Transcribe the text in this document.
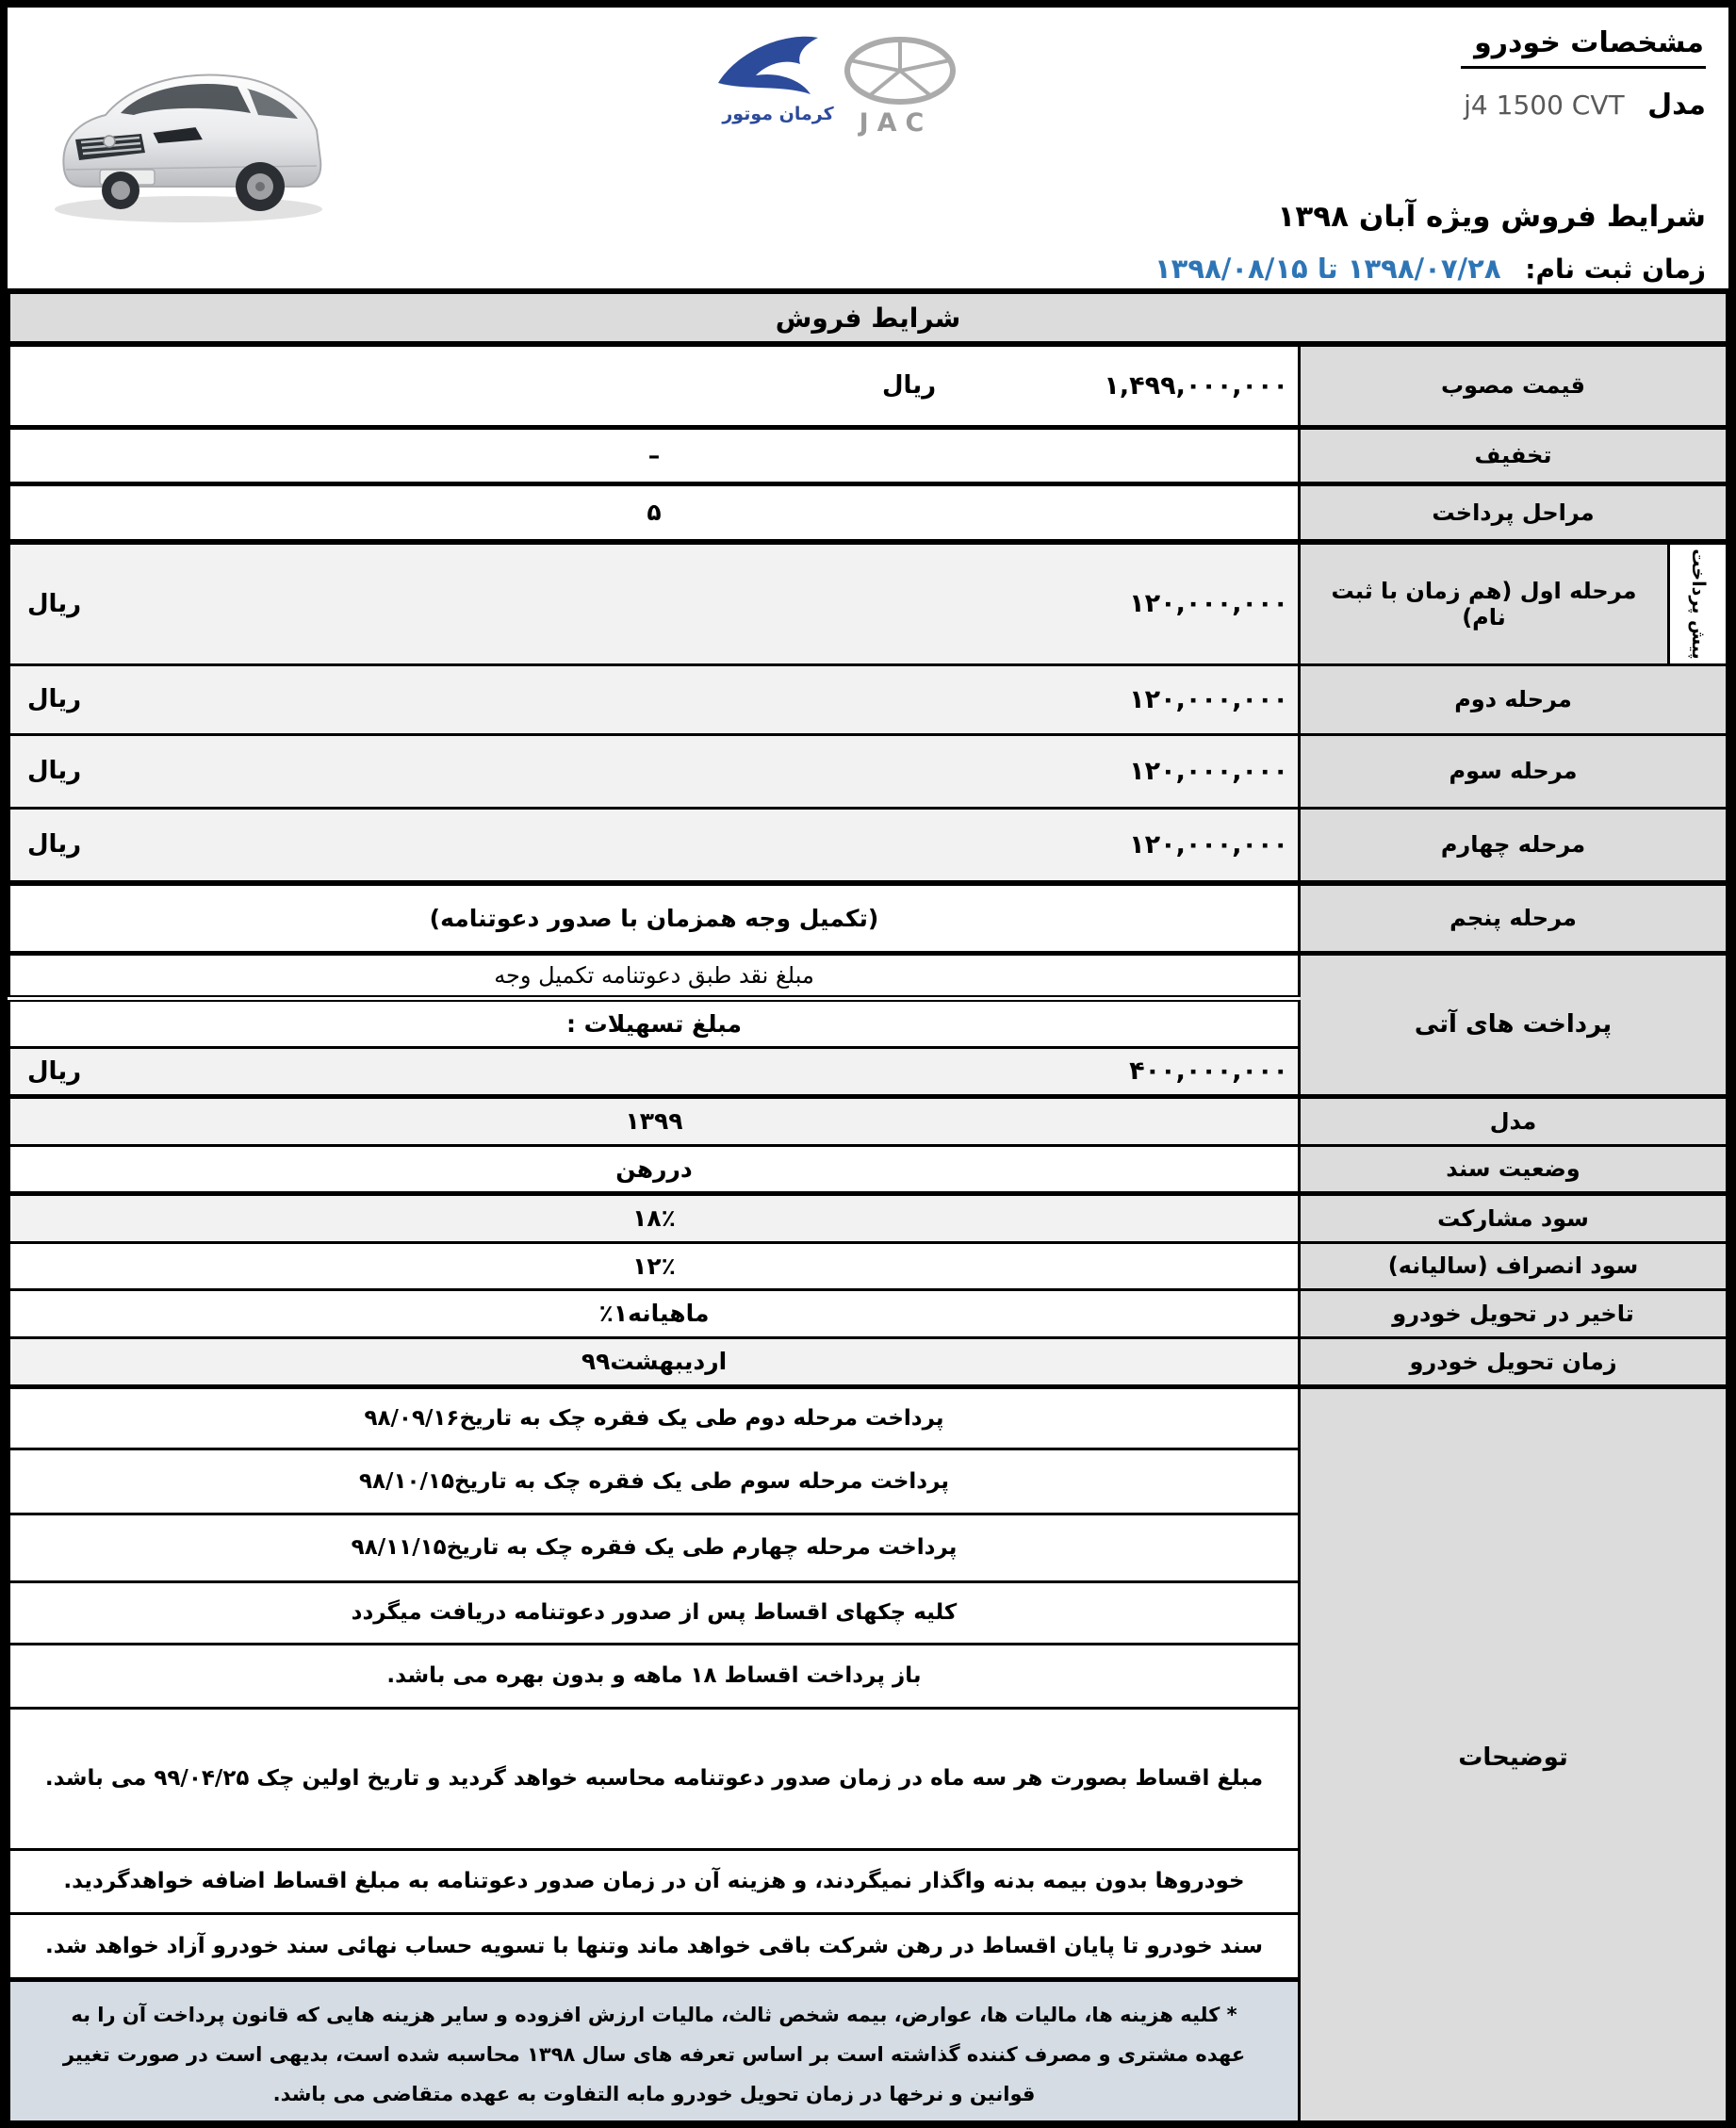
مشخصات خودرو
مدل j4 1500 CVT
شرایط فروش ویژه آبان ۱۳۹۸
زمان ثبت نام: ۱۳۹۸/۰۷/۲۸ تا ۱۳۹۸/۰۸/۱۵
کرمان موتور JAC
شرایط فروش		
قیمت مصوب		۱,۴۹۹,۰۰۰,۰۰۰
ریال

تخفیف		–
مراحل پرداخت		۵

پیش پرداخت	مرحله اول (هم زمان با ثبت نام)	۱۲۰,۰۰۰,۰۰۰
ریال

مرحله دوم		۱۲۰,۰۰۰,۰۰۰
ریال

مرحله سوم		۱۲۰,۰۰۰,۰۰۰
ریال

مرحله چهارم		۱۲۰,۰۰۰,۰۰۰
ریال

مرحله پنجم		(تکمیل وجه همزمان با صدور دعوتنامه)
پرداخت های آتی		مبلغ نقد طبق دعوتنامه تکمیل وجه
		مبلغ تسهیلات :

		۴۰۰,۰۰۰,۰۰۰
ریال

مدل		۱۳۹۹
وضعیت سند		دررهن
سود مشارکت		۱۸٪
سود انصراف (سالیانه)		۱۲٪
تاخیر در تحویل خودرو		٪۱ماهیانه
زمان تحویل خودرو		اردیبهشت۹۹
توضیحات		پرداخت مرحله دوم طی یک فقره چک به تاریخ۹۸/۰۹/۱۶
		پرداخت مرحله سوم طی یک فقره چک به تاریخ۹۸/۱۰/۱۵
		پرداخت مرحله چهارم طی یک فقره چک به تاریخ۹۸/۱۱/۱۵
		کلیه چکهای اقساط پس از صدور دعوتنامه دریافت میگردد
		باز پرداخت اقساط ۱۸ ماهه و بدون بهره می باشد.
		مبلغ اقساط بصورت هر سه ماه در زمان صدور دعوتنامه محاسبه خواهد گردید و تاریخ اولین چک ۹۹/۰۴/۲۵ می باشد.
		خودروها بدون بیمه بدنه واگذار نمیگردند، و هزینه آن در زمان صدور دعوتنامه به مبلغ اقساط اضافه خواهدگردید.
		سند خودرو تا پایان اقساط در رهن شرکت باقی خواهد ماند وتنها با تسویه حساب نهائی سند خودرو آزاد خواهد شد.
		* کلیه هزینه ها، مالیات ها، عوارض، بیمه شخص ثالث، مالیات ارزش افزوده و سایر هزینه هایی که قانون پرداخت آن را به عهده مشتری و مصرف کننده گذاشته است بر اساس تعرفه های سال ۱۳۹۸ محاسبه شده است، بدیهی است در صورت تغییر قوانین و نرخها در زمان تحویل خودرو مابه التفاوت به عهده متقاضی می باشد.
